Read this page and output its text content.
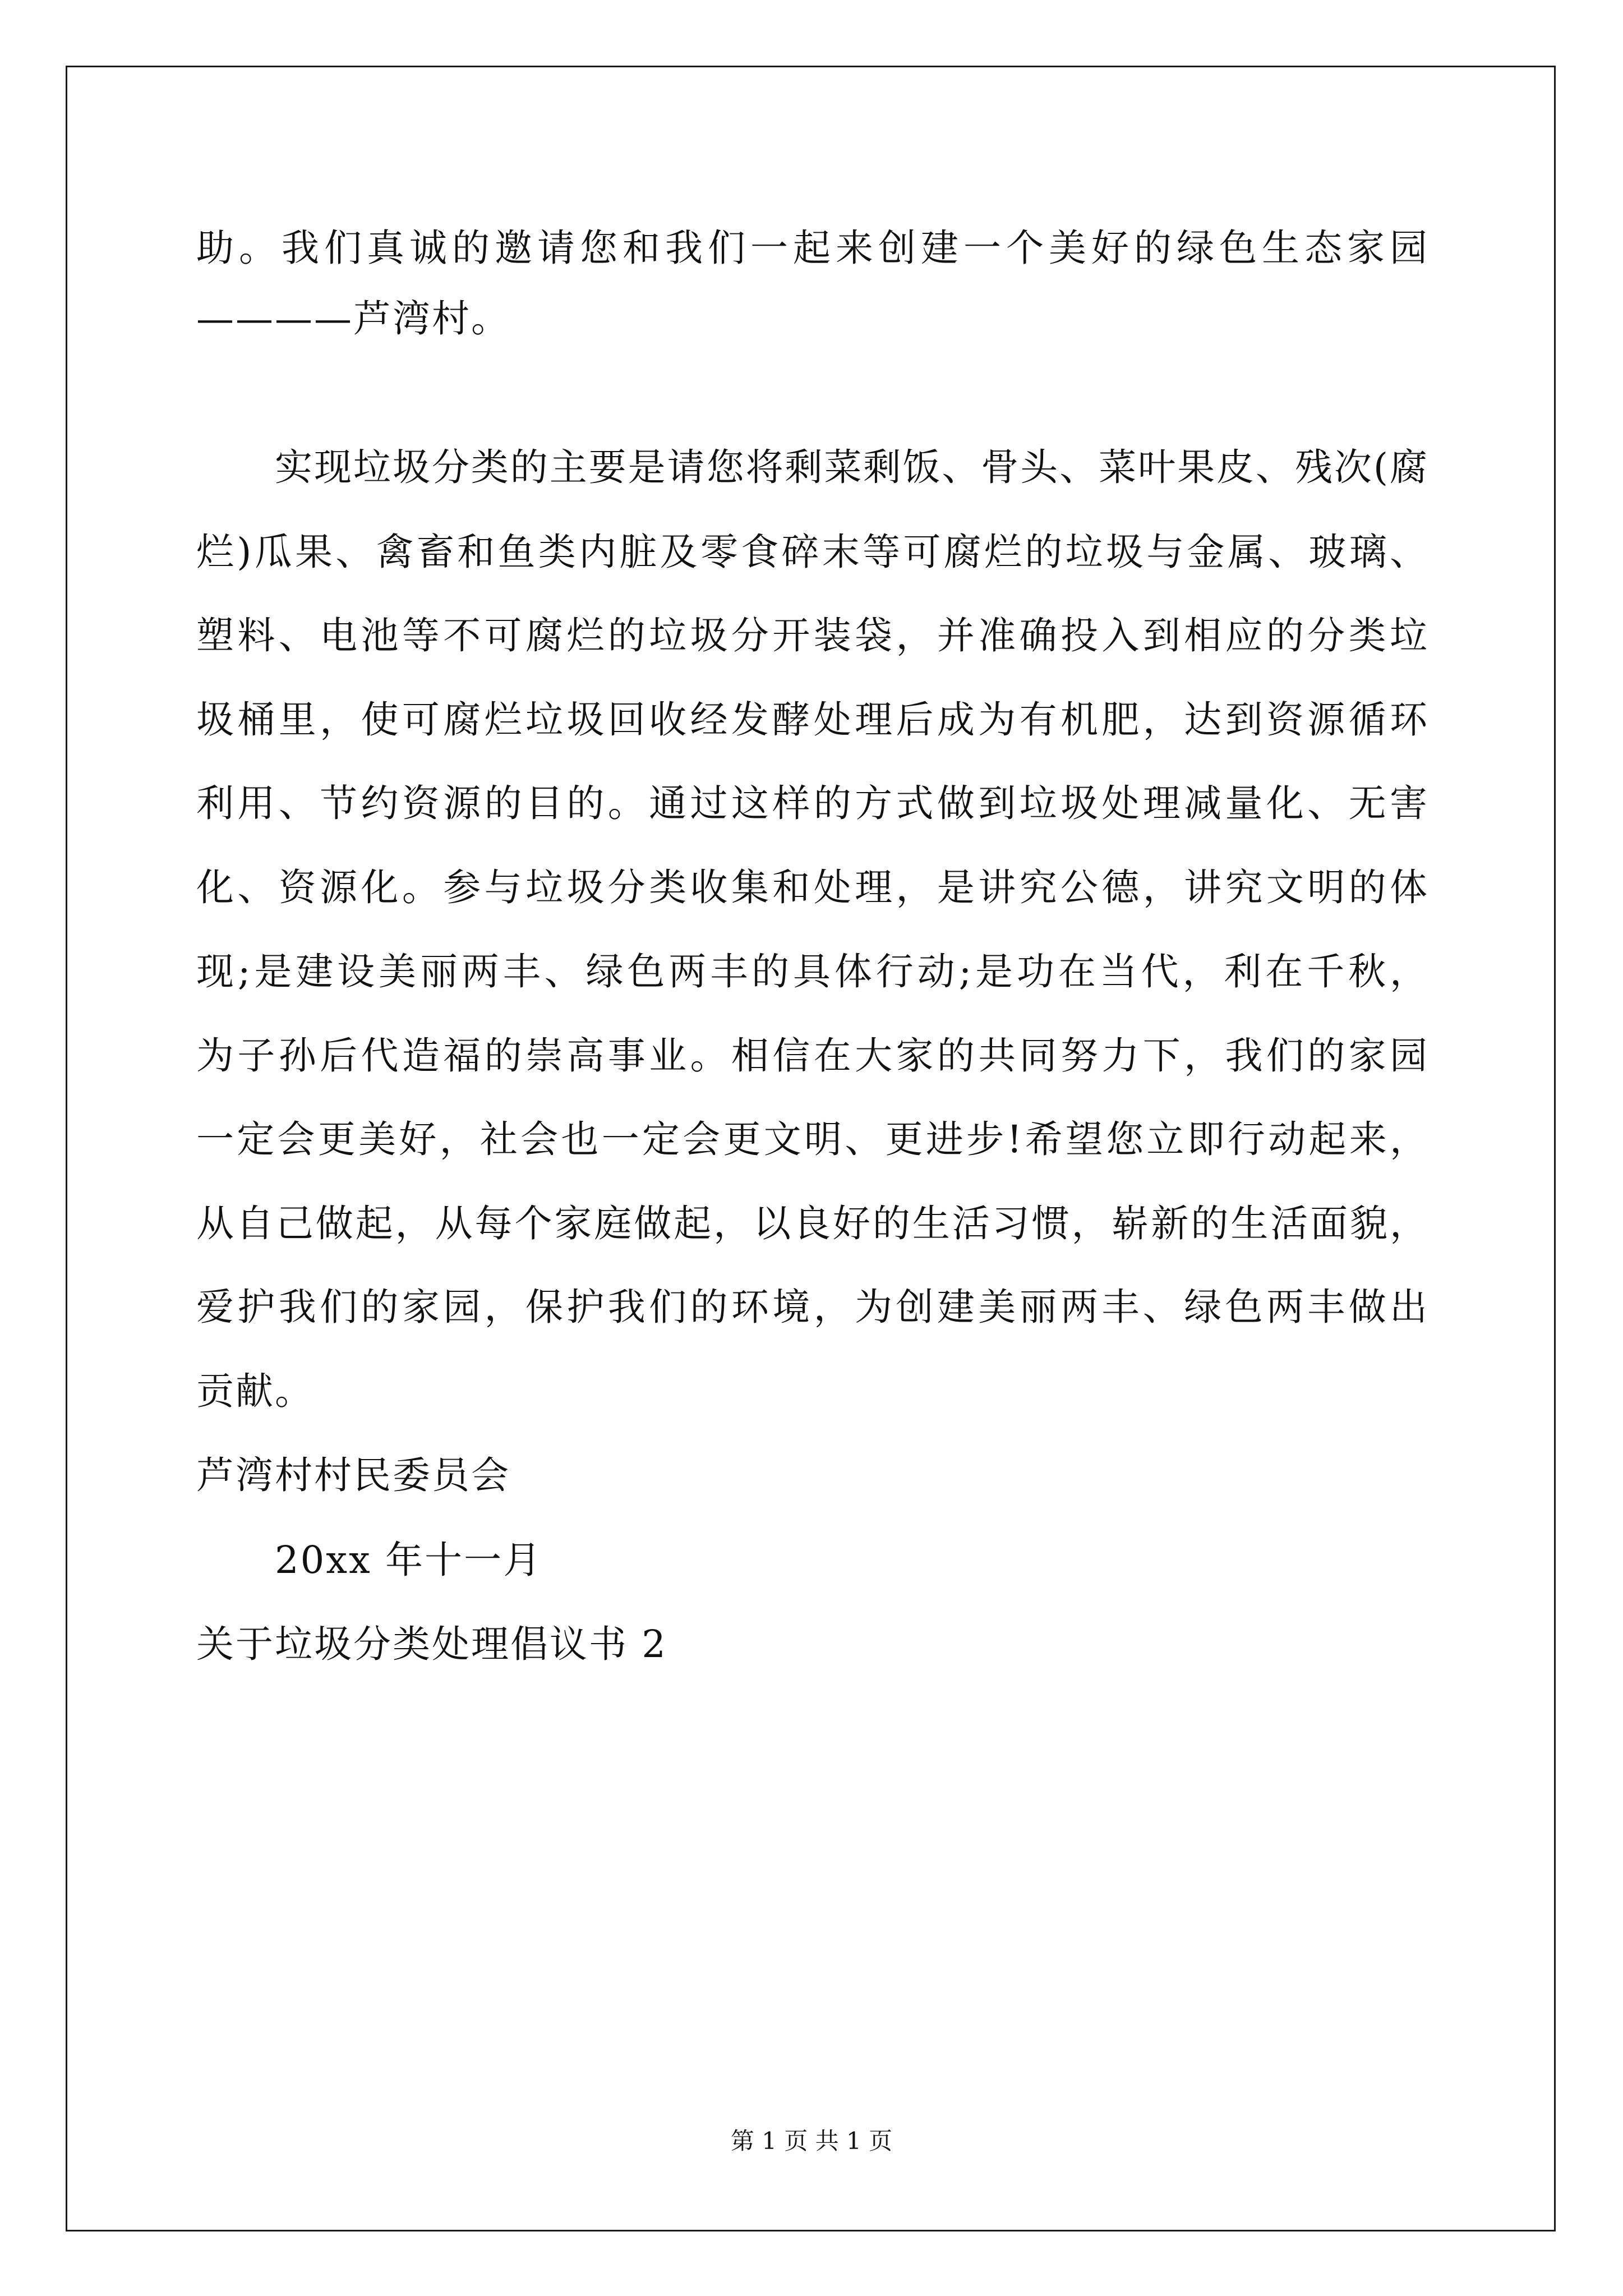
助。我们真诚的邀请您和我们一起来创建一个美好的绿色生态家园
————芦湾村。
实现垃圾分类的主要是请您将剩菜剩饭、骨头、菜叶果皮、残次(腐
烂)瓜果、禽畜和鱼类内脏及零食碎末等可腐烂的垃圾与金属、玻璃、
塑料、电池等不可腐烂的垃圾分开装袋，并准确投入到相应的分类垃
圾桶里，使可腐烂垃圾回收经发酵处理后成为有机肥，达到资源循环
利用、节约资源的目的。通过这样的方式做到垃圾处理减量化、无害
化、资源化。参与垃圾分类收集和处理，是讲究公德，讲究文明的体
现;是建设美丽两丰、绿色两丰的具体行动;是功在当代，利在千秋，
为子孙后代造福的崇高事业。相信在大家的共同努力下，我们的家园
一定会更美好，社会也一定会更文明、更进步!希望您立即行动起来，
从自己做起，从每个家庭做起，以良好的生活习惯，崭新的生活面貌，
爱护我们的家园，保护我们的环境，为创建美丽两丰、绿色两丰做出
贡献。
芦湾村村民委员会
20xx 年十一月
关于垃圾分类处理倡议书 2
第 1 页 共 1 页
